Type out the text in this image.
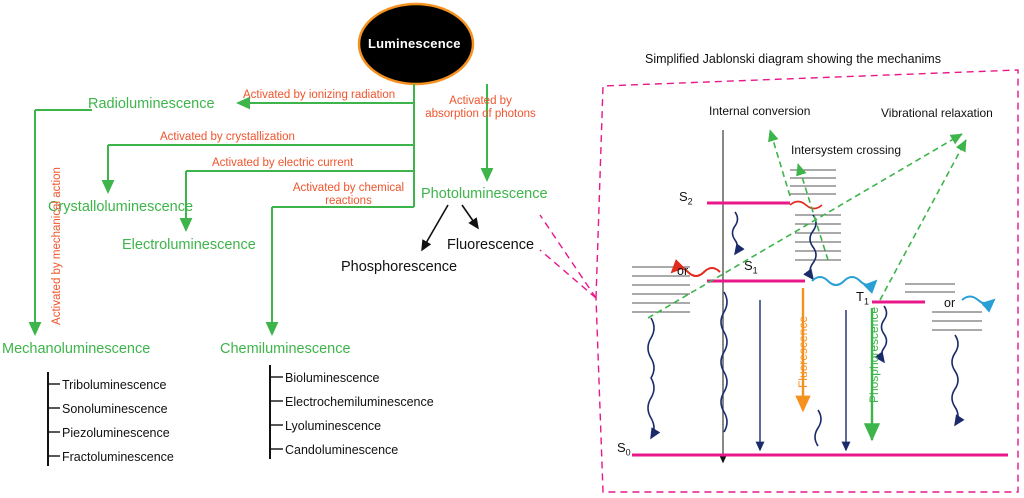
Luminescence
Radioluminescence
Photoluminescence
Crystalloluminescence
Electroluminescence
Mechanoluminescence	Chemiluminescence
Fluorescence
Phosphorescence
Activated by ionizing radiation
Activated by crystallization
Activated by electric current
Activated by chemical
reactions
Activated by
absorption of photons
Activated by mechanical action
Triboluminescence
Sonoluminescence
Piezoluminescence
Fractoluminescence
Bioluminescence
Electrochemiluminescence
Lyoluminescence
Candoluminescence
Simplified Jablonski diagram showing the mechanims
Internal conversion	Vibrational relaxation
Intersystem crossing
or
or
Fluorescence	Phosphorescence
$S_2$
$S_1$
$T_1$
$S_0$
